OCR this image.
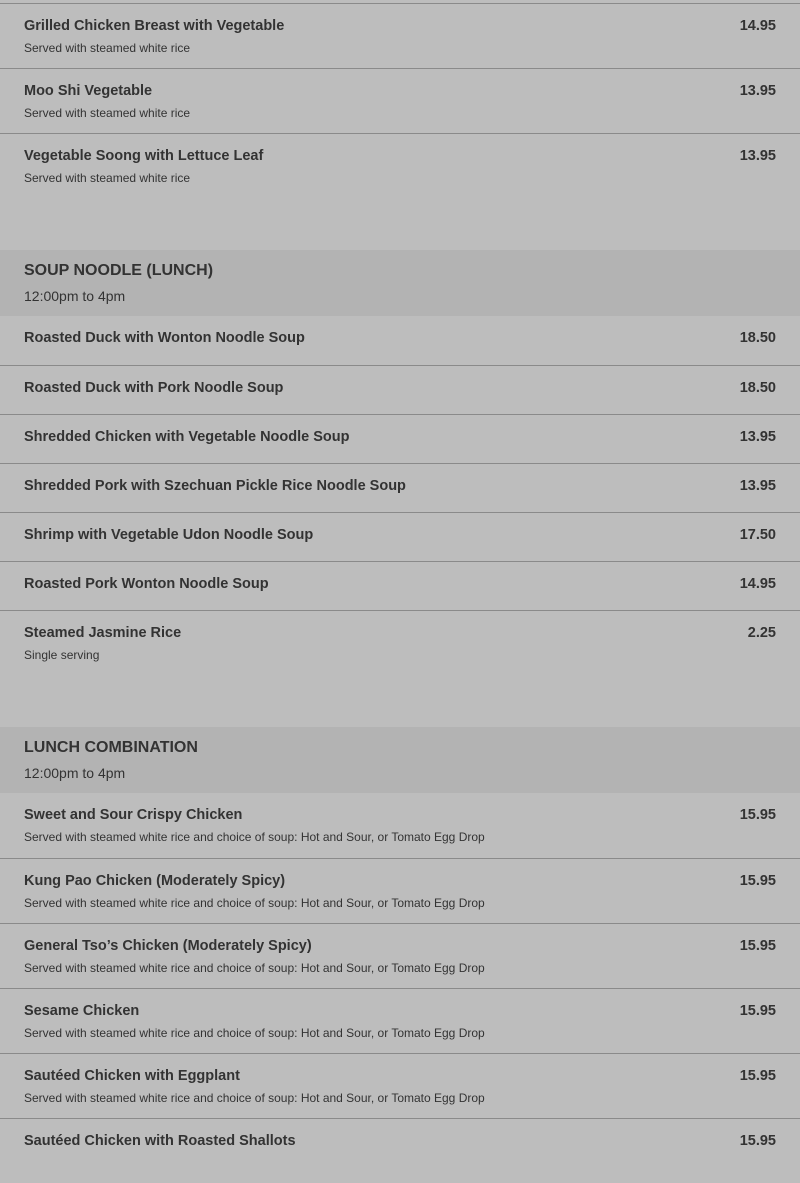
Grilled Chicken Breast with Vegetable	14.95
Served with steamed white rice
Moo Shi Vegetable	13.95
Served with steamed white rice
Vegetable Soong with Lettuce Leaf	13.95
Served with steamed white rice
SOUP NOODLE (LUNCH)
12:00pm to 4pm
Roasted Duck with Wonton Noodle Soup	18.50
Roasted Duck with Pork Noodle Soup	18.50
Shredded Chicken with Vegetable Noodle Soup	13.95
Shredded Pork with Szechuan Pickle Rice Noodle Soup	13.95
Shrimp with Vegetable Udon Noodle Soup	17.50
Roasted Pork Wonton Noodle Soup	14.95
Steamed Jasmine Rice	2.25
Single serving
LUNCH COMBINATION
12:00pm to 4pm
Sweet and Sour Crispy Chicken	15.95
Served with steamed white rice and choice of soup: Hot and Sour, or Tomato Egg Drop
Kung Pao Chicken (Moderately Spicy)	15.95
Served with steamed white rice and choice of soup: Hot and Sour, or Tomato Egg Drop
General Tso’s Chicken (Moderately Spicy)	15.95
Served with steamed white rice and choice of soup: Hot and Sour, or Tomato Egg Drop
Sesame Chicken	15.95
Served with steamed white rice and choice of soup: Hot and Sour, or Tomato Egg Drop
Sautéed Chicken with Eggplant	15.95
Served with steamed white rice and choice of soup: Hot and Sour, or Tomato Egg Drop
Sautéed Chicken with Roasted Shallots	15.95
